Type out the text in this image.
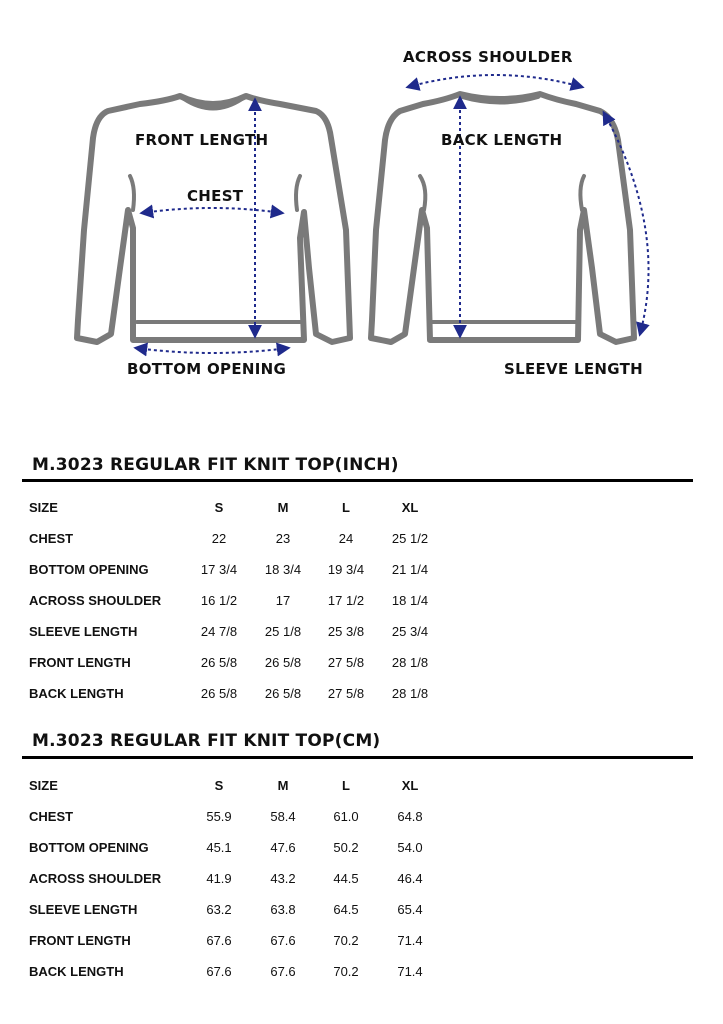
FRONT LENGTH
CHEST
BOTTOM OPENING
ACROSS SHOULDER
BACK LENGTH
SLEEVE LENGTH
M.3023 REGULAR FIT KNIT TOP(INCH)
SIZE	S	M	L	XL
CHEST	22	23	24	25 1/2
BOTTOM OPENING	17 3/4	18 3/4	19 3/4	21 1/4
ACROSS SHOULDER	16 1/2	17	17 1/2	18 1/4
SLEEVE LENGTH	24 7/8	25 1/8	25 3/8	25 3/4
FRONT LENGTH	26 5/8	26 5/8	27 5/8	28 1/8
BACK LENGTH	26 5/8	26 5/8	27 5/8	28 1/8
M.3023 REGULAR FIT KNIT TOP(CM)
SIZE	S	M	L	XL
CHEST	55.9	58.4	61.0	64.8
BOTTOM OPENING	45.1	47.6	50.2	54.0
ACROSS SHOULDER	41.9	43.2	44.5	46.4
SLEEVE LENGTH	63.2	63.8	64.5	65.4
FRONT LENGTH	67.6	67.6	70.2	71.4
BACK LENGTH	67.6	67.6	70.2	71.4
